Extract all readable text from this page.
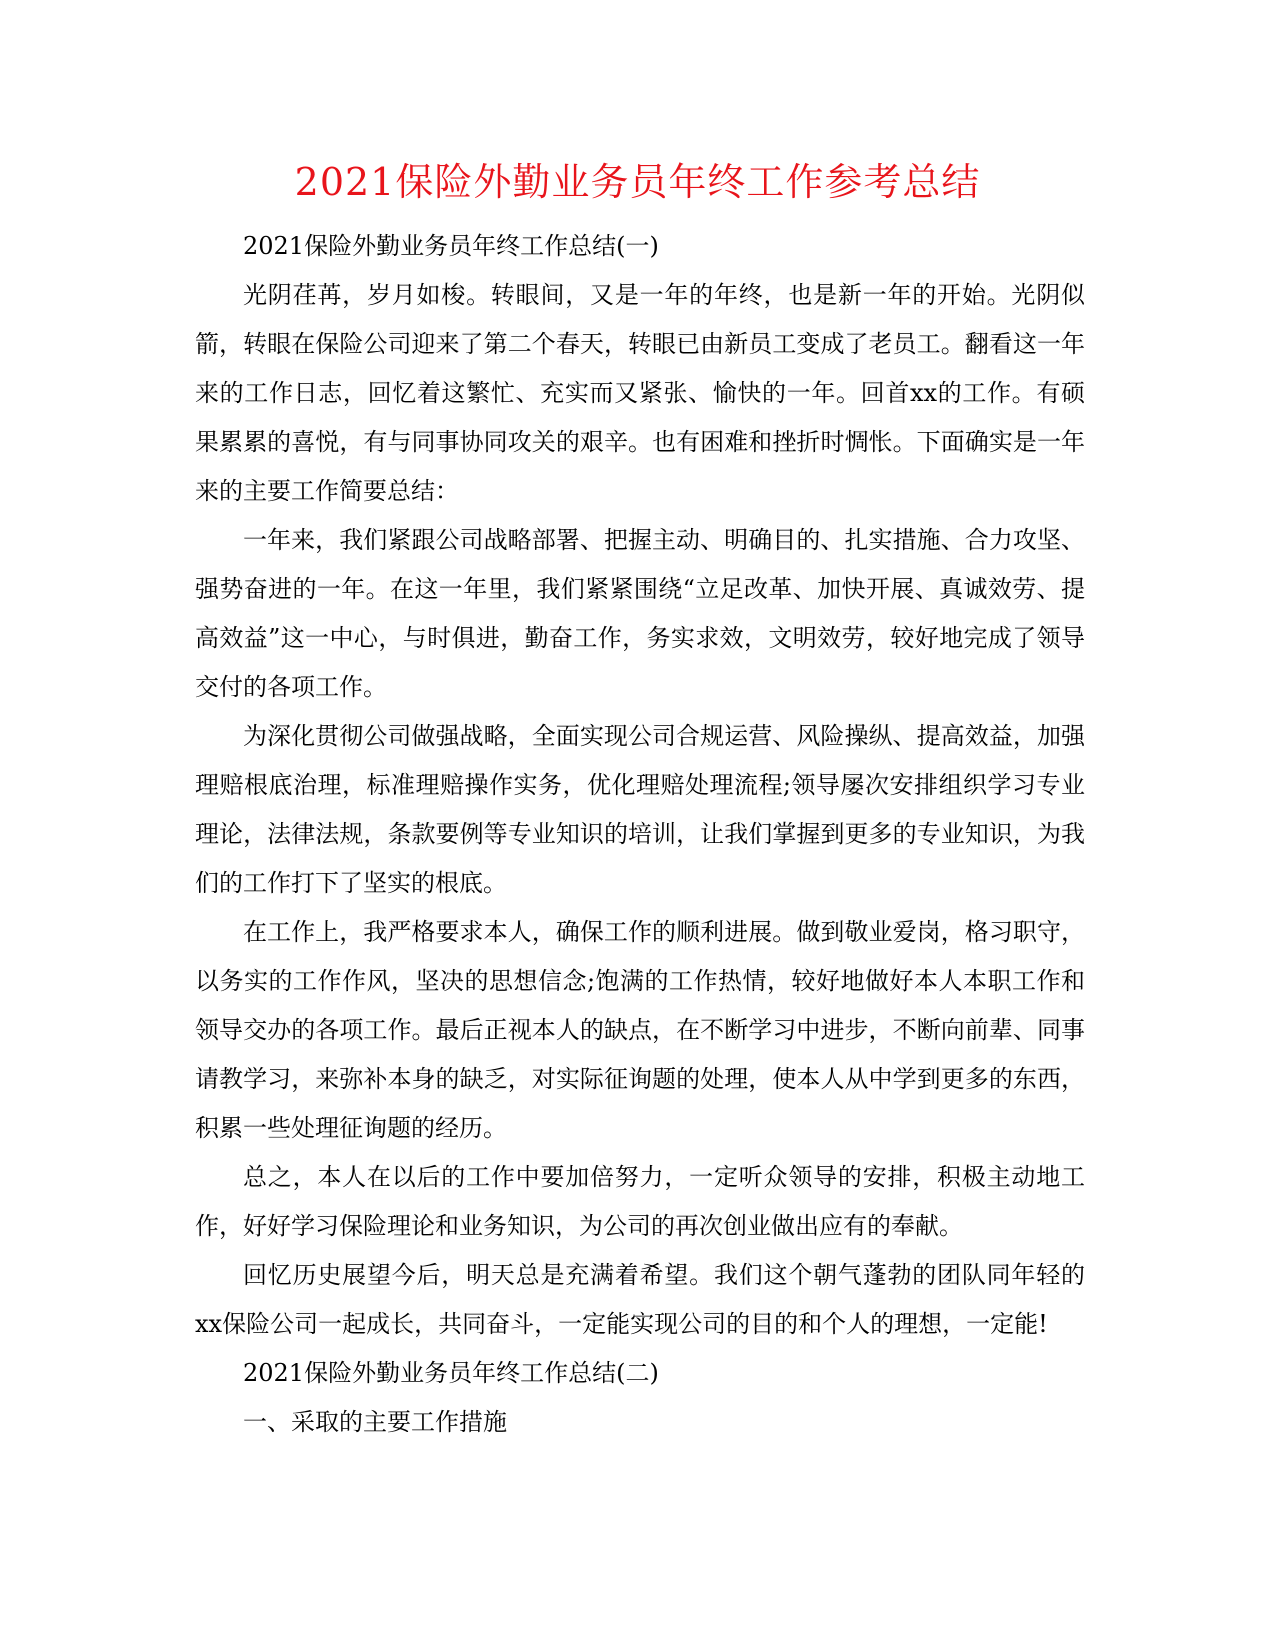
2021保险外勤业务员年终工作参考总结

2021保险外勤业务员年终工作总结(一)

光阴荏苒，岁月如梭。转眼间，又是一年的年终，也是新一年的开始。光阴似箭，转眼在保险公司迎来了第二个春天，转眼已由新员工变成了老员工。翻看这一年来的工作日志，回忆着这繁忙、充实而又紧张、愉快的一年。回首xx的工作。有硕果累累的喜悦，有与同事协同攻关的艰辛。也有困难和挫折时惆怅。下面确实是一年来的主要工作简要总结：

一年来，我们紧跟公司战略部署、把握主动、明确目的、扎实措施、合力攻坚、强势奋进的一年。在这一年里，我们紧紧围绕“立足改革、加快开展、真诚效劳、提高效益”这一中心，与时俱进，勤奋工作，务实求效，文明效劳，较好地完成了领导交付的各项工作。

为深化贯彻公司做强战略，全面实现公司合规运营、风险操纵、提高效益，加强理赔根底治理，标准理赔操作实务，优化理赔处理流程;领导屡次安排组织学习专业理论，法律法规，条款要例等专业知识的培训，让我们掌握到更多的专业知识，为我们的工作打下了坚实的根底。

在工作上，我严格要求本人，确保工作的顺利进展。做到敬业爱岗，格习职守，以务实的工作作风，坚决的思想信念;饱满的工作热情，较好地做好本人本职工作和领导交办的各项工作。最后正视本人的缺点，在不断学习中进步，不断向前辈、同事请教学习，来弥补本身的缺乏，对实际征询题的处理，使本人从中学到更多的东西，积累一些处理征询题的经历。

总之，本人在以后的工作中要加倍努力，一定听众领导的安排，积极主动地工作，好好学习保险理论和业务知识，为公司的再次创业做出应有的奉献。

回忆历史展望今后，明天总是充满着希望。我们这个朝气蓬勃的团队同年轻的xx保险公司一起成长，共同奋斗，一定能实现公司的目的和个人的理想，一定能!

2021保险外勤业务员年终工作总结(二)

一、采取的主要工作措施
